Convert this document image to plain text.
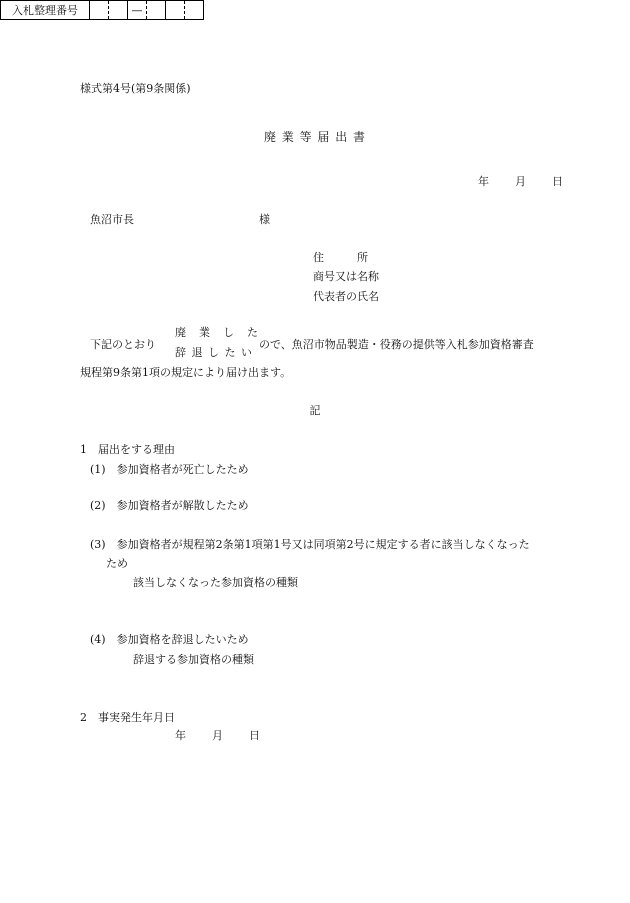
様式第4号(第9条関係)
入札整理番号			—			
廃 業 等 届 出 書
年 月 日
魚沼市長	様
住　　　所
商号又は名称
代表者の氏名
下記のとおり
廃　業　し　た
辞 退 し た い
ので、魚沼市物品製造・役務の提供等入札参加資格審査
規程第9条第1項の規定により届け出ます。
記
1　届出をする理由
(1)　参加資格者が死亡したため
(2)　参加資格者が解散したため
(3)　参加資格者が規程第2条第1項第1号又は同項第2号に規定する者に該当しなくなった
ため
該当しなくなった参加資格の種類
(4)　参加資格を辞退したいため
辞退する参加資格の種類
2　事実発生年月日
年 月 日
